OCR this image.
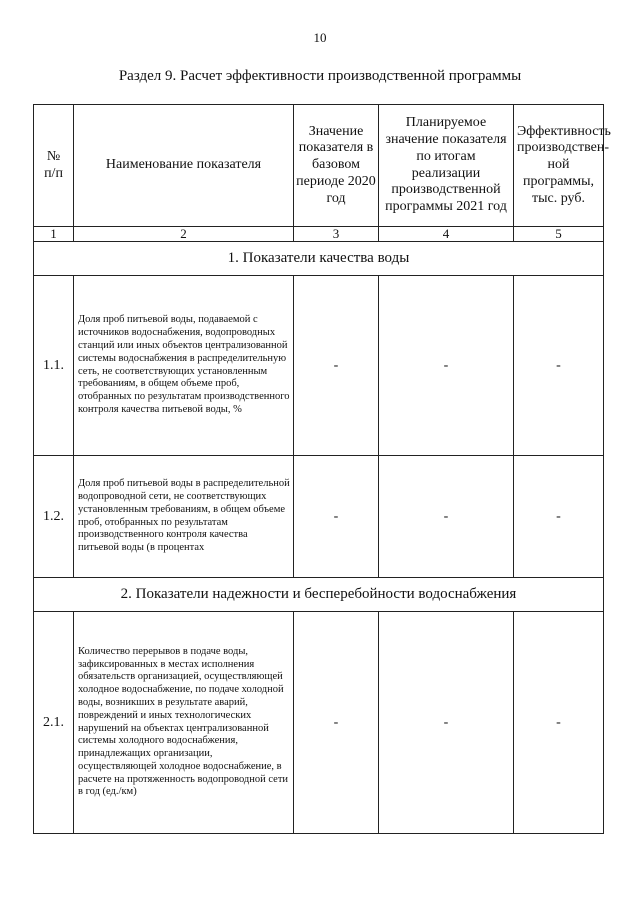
10
Раздел 9. Расчет эффективности производственной программы
№ п/п	Наименование показателя	Значение показателя в базовом периоде 2020 год	Планируемое значение показателя по итогам реализации производственной программы 2021 год	Эффективность производствен-ной программы, тыс. руб.
1	2	3	4	5
1. Показатели качества воды				
1.1.	Доля проб питьевой воды, подаваемой с источников водоснабжения, водопроводных станций или иных объектов централизованной системы водоснабжения в распределительную сеть, не соответствующих установленным требованиям, в общем объеме проб, отобранных по результатам производственного контроля качества питьевой воды, %	-	-	-
1.2.	Доля проб питьевой воды в распределительной водопроводной сети, не соответствующих установленным требованиям, в общем объеме проб, отобранных по результатам производственного контроля качества питьевой воды (в процентах	-	-	-
2. Показатели надежности и бесперебойности водоснабжения				
2.1.	Количество перерывов в подаче воды, зафиксированных в местах исполнения обязательств организацией, осуществляющей холодное водоснабжение, по подаче холодной воды, возникших в результате аварий, повреждений и иных технологических нарушений на объектах централизованной системы холодного водоснабжения, принадлежащих организации, осуществляющей холодное водоснабжение, в расчете на протяженность водопроводной сети в год (ед./км)	-	-	-
